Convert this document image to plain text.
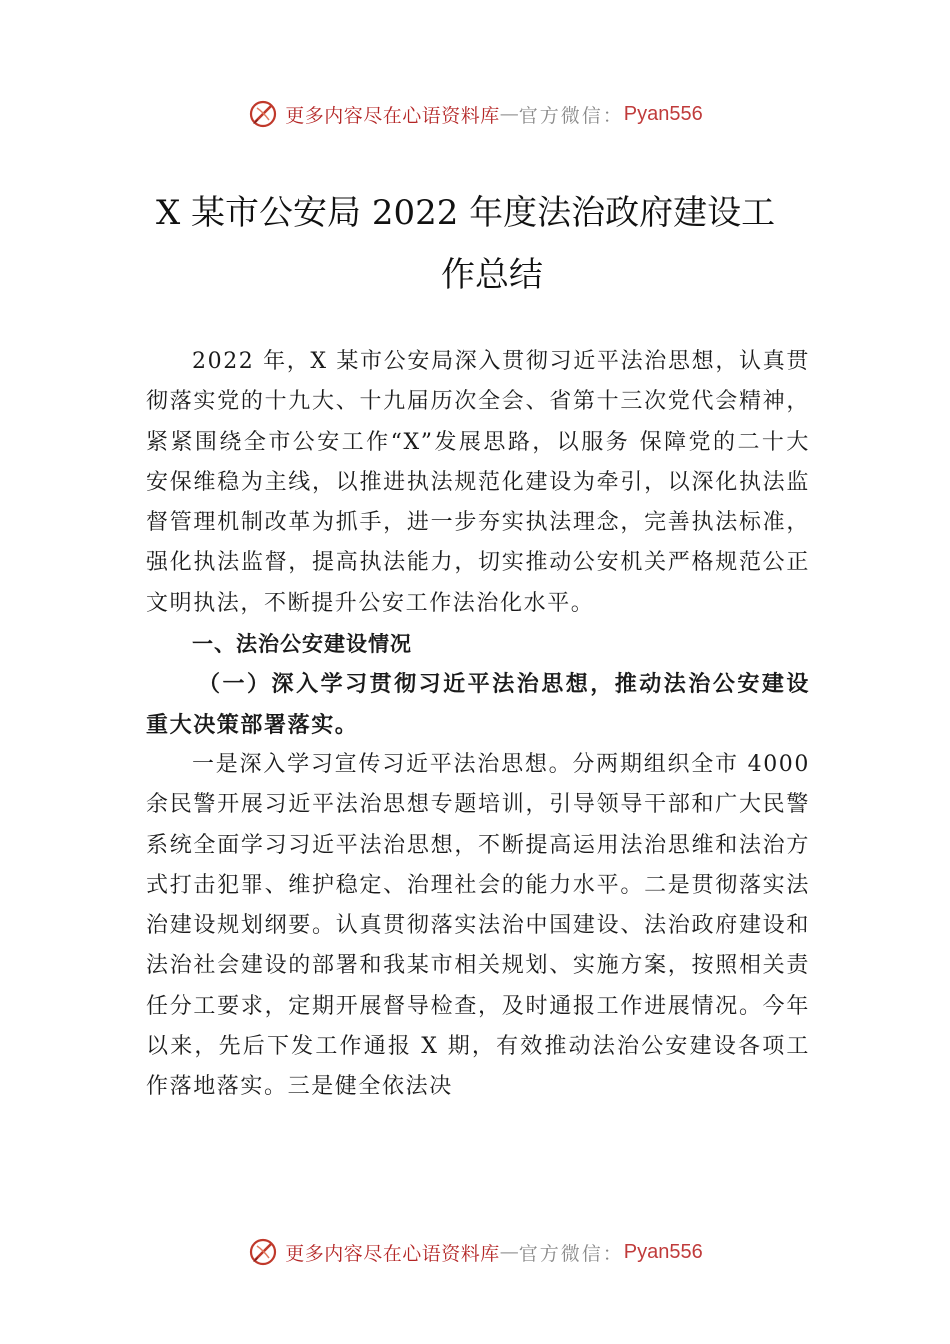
更多内容尽在心语资料库 — 官方微信： Pyan556
X 某市公安局 2022 年度法治政府建设工
作总结

2022 年，X 某市公安局深入贯彻习近平法治思想，认真贯彻落实党的十九大、十九届历次全会、省第十三次党代会精神，紧紧围绕全市公安工作“X”发展思路，以服务 保障党的二十大安保维稳为主线，以推进执法规范化建设为牵引，以深化执法监督管理机制改革为抓手，进一步夯实执法理念，完善执法标准，强化执法监督，提高执法能力，切实推动公安机关严格规范公正文明执法，不断提升公安工作法治化水平。

一、法治公安建设情况

（一）深入学习贯彻习近平法治思想，推动法治公安建设重大决策部署落实。

一是深入学习宣传习近平法治思想。分两期组织全市 4000 余民警开展习近平法治思想专题培训，引导领导干部和广大民警系统全面学习习近平法治思想，不断提高运用法治思维和法治方式打击犯罪、维护稳定、治理社会的能力水平。二是贯彻落实法治建设规划纲要。认真贯彻落实法治中国建设、法治政府建设和法治社会建设的部署和我某市相关规划、实施方案，按照相关责任分工要求，定期开展督导检查，及时通报工作进展情况。今年以来，先后下发工作通报 X 期，有效推动法治公安建设各项工作落地落实。三是健全依法决

更多内容尽在心语资料库 — 官方微信： Pyan556
